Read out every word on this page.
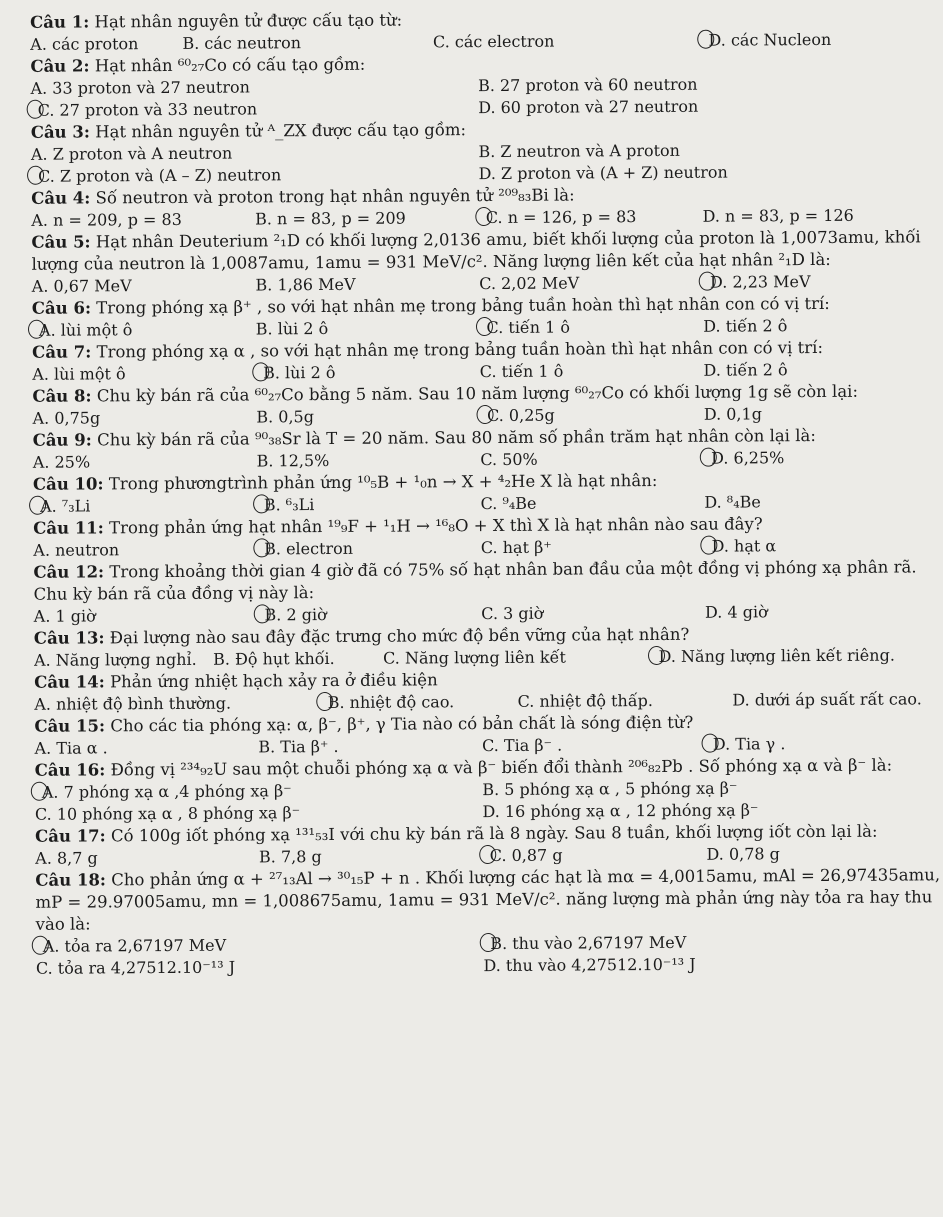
Câu 1: Hạt nhân nguyên tử được cấu tạo từ:

A. các proton	B. các neutron	C. các electron	D. các Nucleon

Câu 2: Hạt nhân ⁶⁰₂₇Co có cấu tạo gồm:

A. 33 proton và 27 neutron	B. 27 proton và 60 neutron
C. 27 proton và 33 neutron	D. 60 proton và 27 neutron

Câu 3: Hạt nhân nguyên tử ᴬ_ZX được cấu tạo gồm:

A. Z proton và A neutron	B. Z neutron và A proton
C. Z proton và (A – Z) neutron	D. Z proton và (A + Z) neutron

Câu 4: Số neutron và proton trong hạt nhân nguyên tử ²⁰⁹₈₃Bi là:

A. n = 209, p = 83	B. n = 83, p = 209	C. n = 126, p = 83	D. n = 83, p = 126

Câu 5: Hạt nhân Deuterium ²₁D có khối lượng 2,0136 amu, biết khối lượng của proton là 1,0073amu, khối

lượng của neutron là 1,0087amu, 1amu = 931 MeV/c². Năng lượng liên kết của hạt nhân ²₁D là:

A. 0,67 MeV	B. 1,86 MeV	C. 2,02 MeV	D. 2,23 MeV

Câu 6: Trong phóng xạ β⁺ , so với hạt nhân mẹ trong bảng tuần hoàn thì hạt nhân con có vị trí:

A. lùi một ô	B. lùi 2 ô	C. tiến 1 ô	D. tiến 2 ô

Câu 7: Trong phóng xạ α , so với hạt nhân mẹ trong bảng tuần hoàn thì hạt nhân con có vị trí:

A. lùi một ô	B. lùi 2 ô	C. tiến 1 ô	D. tiến 2 ô

Câu 8: Chu kỳ bán rã của ⁶⁰₂₇Co bằng 5 năm. Sau 10 năm lượng ⁶⁰₂₇Co có khối lượng 1g sẽ còn lại:

A. 0,75g	B. 0,5g	C. 0,25g	D. 0,1g

Câu 9: Chu kỳ bán rã của ⁹⁰₃₈Sr là T = 20 năm. Sau 80 năm số phần trăm hạt nhân còn lại là:

A. 25%	B. 12,5%	C. 50%	D. 6,25%

Câu 10: Trong phươngtrình phản ứng ¹⁰₅B + ¹₀n → X + ⁴₂He X là hạt nhân:

A. ⁷₃Li	B. ⁶₃Li	C. ⁹₄Be	D. ⁸₄Be

Câu 11: Trong phản ứng hạt nhân ¹⁹₉F + ¹₁H → ¹⁶₈O + X thì X là hạt nhân nào sau đây?

A. neutron	B. electron	C. hạt β⁺	D. hạt α

Câu 12: Trong khoảng thời gian 4 giờ đã có 75% số hạt nhân ban đầu của một đồng vị phóng xạ phân rã.

Chu kỳ bán rã của đồng vị này là:

A. 1 giờ	B. 2 giờ	C. 3 giờ	D. 4 giờ

Câu 13: Đại lượng nào sau đây đặc trưng cho mức độ bền vững của hạt nhân?

A. Năng lượng nghỉ.	B. Độ hụt khối.	C. Năng lượng liên kết	D. Năng lượng liên kết riêng.

Câu 14: Phản ứng nhiệt hạch xảy ra ở điều kiện

A. nhiệt độ bình thường.	B. nhiệt độ cao.	C. nhiệt độ thấp.	D. dưới áp suất rất cao.

Câu 15: Cho các tia phóng xạ: α, β⁻, β⁺, γ Tia nào có bản chất là sóng điện từ?

A. Tia α .	B. Tia β⁺ .	C. Tia β⁻ .	D. Tia γ .

Câu 16: Đồng vị ²³⁴₉₂U sau một chuỗi phóng xạ α và β⁻ biến đổi thành ²⁰⁶₈₂Pb . Số phóng xạ α và β⁻ là:

A. 7 phóng xạ α ,4 phóng xạ β⁻	B. 5 phóng xạ α , 5 phóng xạ β⁻
C. 10 phóng xạ α , 8 phóng xạ β⁻	D. 16 phóng xạ α , 12 phóng xạ β⁻

Câu 17: Có 100g iốt phóng xạ ¹³¹₅₃I với chu kỳ bán rã là 8 ngày. Sau 8 tuần, khối lượng iốt còn lại là:

A. 8,7 g	B. 7,8 g	C. 0,87 g	D. 0,78 g

Câu 18: Cho phản ứng α + ²⁷₁₃Al → ³⁰₁₅P + n . Khối lượng các hạt là mα = 4,0015amu, mAl = 26,97435amu,

mP = 29.97005amu, mn = 1,008675amu, 1amu = 931 MeV/c². năng lượng mà phản ứng này tỏa ra hay thu

vào là:

A. tỏa ra 2,67197 MeV	B. thu vào 2,67197 MeV
C. tỏa ra 4,27512.10⁻¹³ J	D. thu vào 4,27512.10⁻¹³ J
